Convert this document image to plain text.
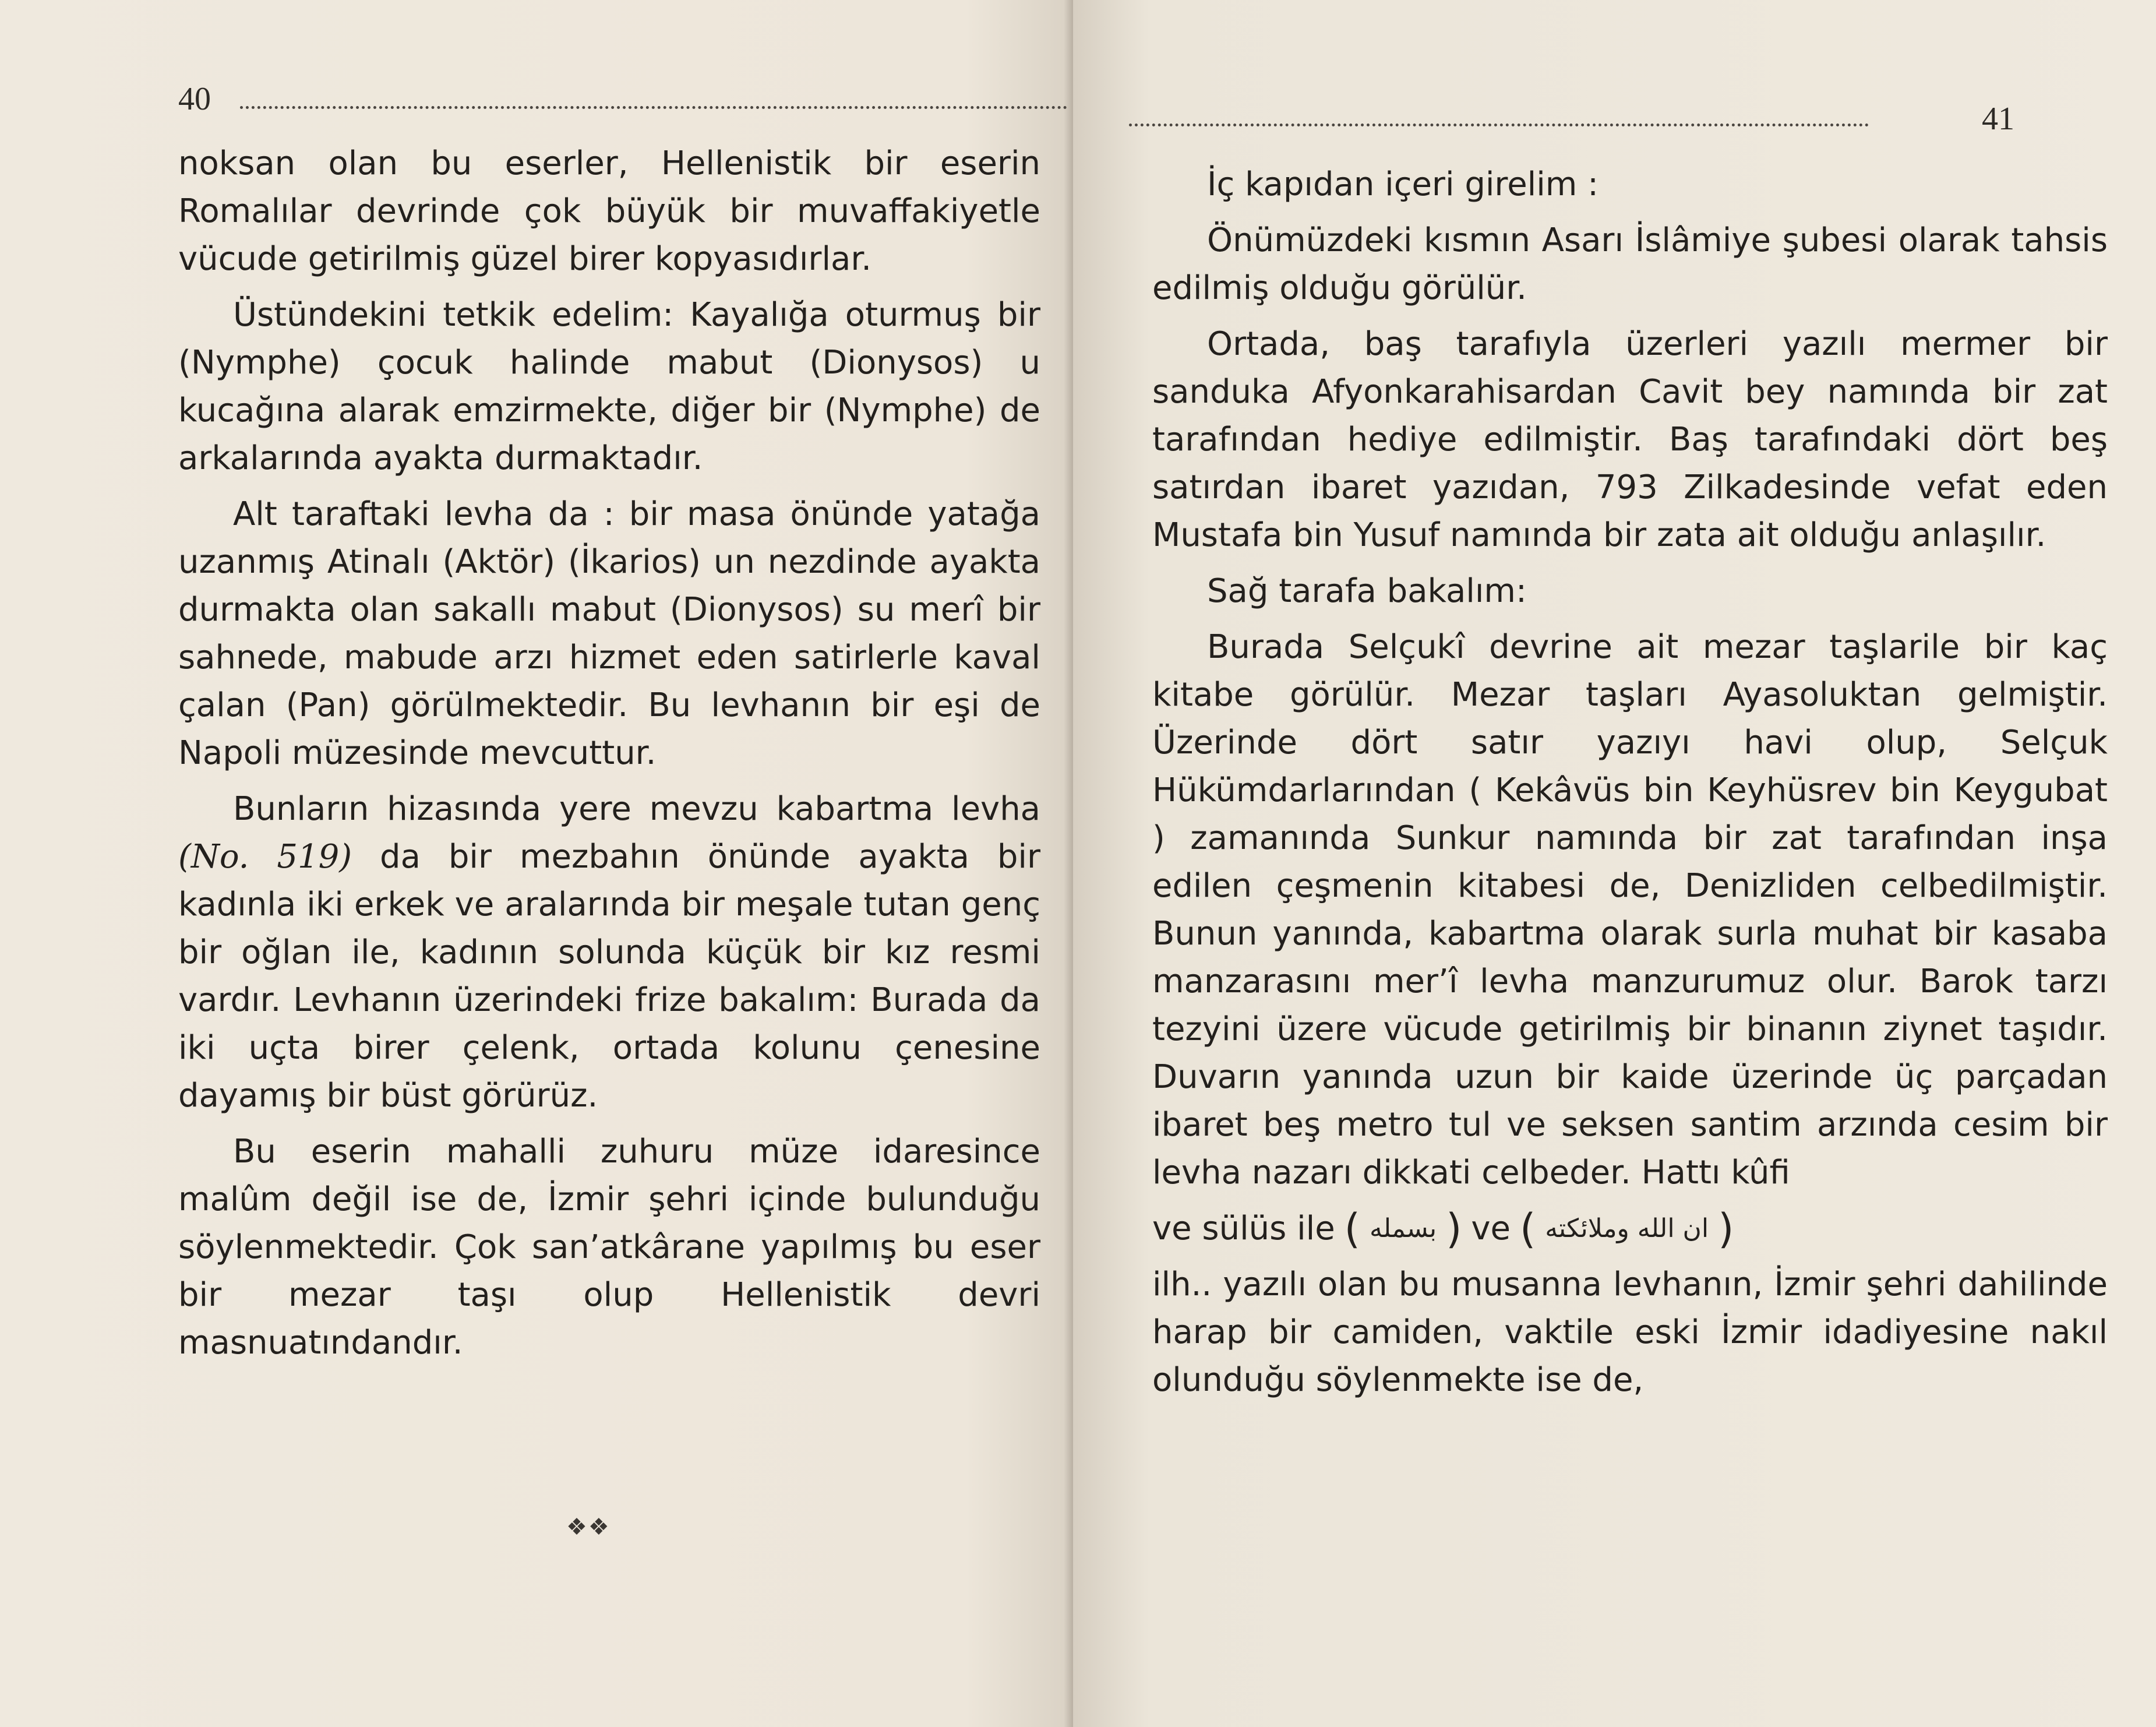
40

noksan olan bu eserler, Hellenistik bir eserin Romalılar devrinde çok büyük bir muvaffakiyetle vücude getirilmiş güzel birer kopyasıdırlar.

Üstündekini tetkik edelim: Kayalığa oturmuş bir (Nymphe) çocuk halinde mabut (Dionysos) u kucağına alarak emzirmekte, diğer bir (Nymphe) de arkalarında ayakta durmaktadır.

Alt taraftaki levha da : bir masa önünde yatağa uzanmış Atinalı (Aktör) (İkarios) un nezdinde ayakta durmakta olan sakallı mabut (Dionysos) su merî bir sahnede, mabude arzı hizmet eden satirlerle kaval çalan (Pan) görülmektedir. Bu levhanın bir eşi de Napoli müzesinde mevcuttur.

Bunların hizasında yere mevzu kabartma levha (No. 519) da bir mezbahın önünde ayakta bir kadınla iki erkek ve aralarında bir meşale tutan genç bir oğlan ile, kadının solunda küçük bir kız resmi vardır. Levhanın üzerindeki frize bakalım: Burada da iki uçta birer çelenk, ortada kolunu çenesine dayamış bir büst görürüz.

Bu eserin mahalli zuhuru müze idaresince malûm değil ise de, İzmir şehri içinde bulunduğu söylenmektedir. Çok san’atkârane yapılmış bu eser bir mezar taşı olup Hellenistik devri masnuatındandır.

❖❖
41

İç kapıdan içeri girelim :

Önümüzdeki kısmın Asarı İslâmiye şubesi olarak tahsis edilmiş olduğu görülür.

Ortada, baş tarafıyla üzerleri yazılı mermer bir sanduka Afyonkarahisardan Cavit bey namında bir zat tarafından hediye edilmiştir. Baş tarafındaki dört beş satırdan ibaret yazıdan, 793 Zilkadesinde vefat eden Mustafa bin Yusuf namında bir zata ait olduğu anlaşılır.

Sağ tarafa bakalım:

Burada Selçukî devrine ait mezar taşlarile bir kaç kitabe görülür. Mezar taşları Ayasoluktan gelmiştir. Üzerinde dört satır yazıyı havi olup, Selçuk Hükümdarlarından ( Kekâvüs bin Keyhüsrev bin Keygubat ) zamanında Sunkur namında bir zat tarafından inşa edilen çeşmenin kitabesi de, Denizliden celbedilmiştir. Bunun yanında, kabartma olarak surla muhat bir kasaba manzarasını mer’î levha manzurumuz olur. Barok tarzı tezyini üzere vücude getirilmiş bir binanın ziynet taşıdır. Duvarın yanında uzun bir kaide üzerinde üç parçadan ibaret beş metro tul ve seksen santim arzında cesim bir levha nazarı dikkati celbeder. Hattı kûfi

ve sülüs ile ( بسمله ) ve ( ان الله وملائكته )

ilh.. yazılı olan bu musanna levhanın, İzmir şehri dahilinde harap bir camiden, vaktile eski İzmir idadiyesine nakıl olunduğu söylenmekte ise de,
